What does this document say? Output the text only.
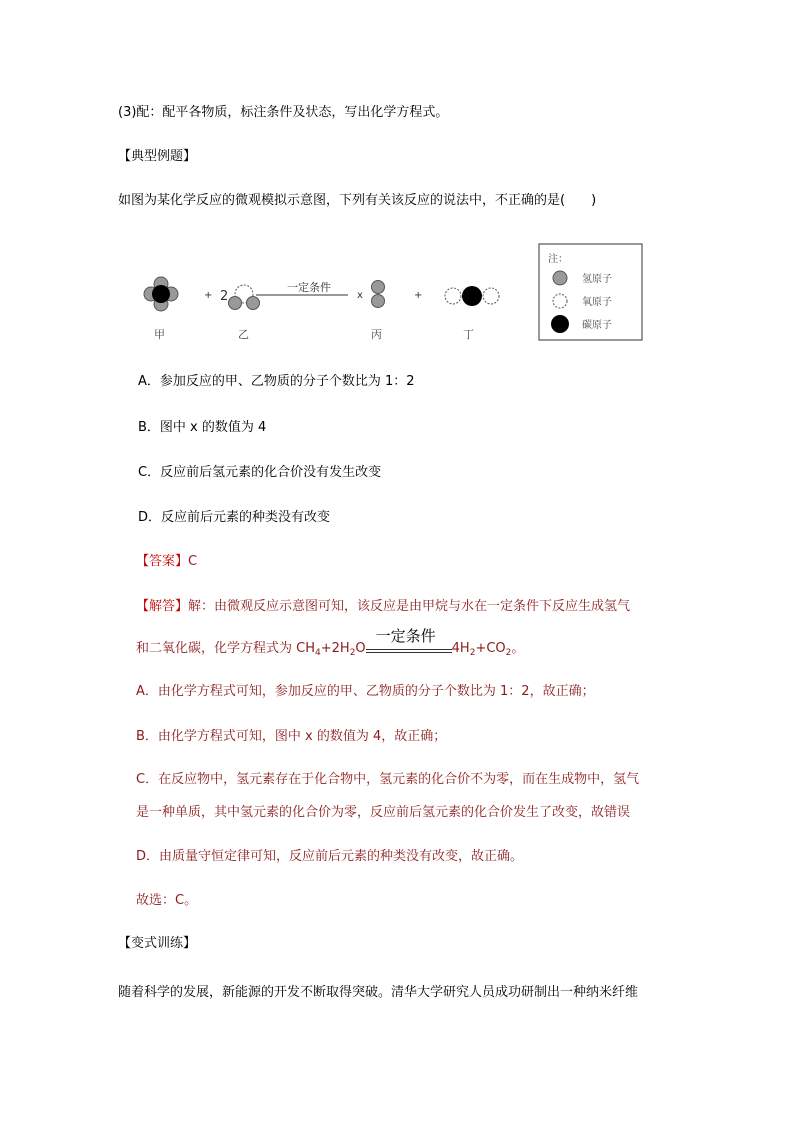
(3)配：配平各物质，标注条件及状态，写出化学方程式。
【典型例题】
如图为某化学反应的微观模拟示意图，下列有关该反应的说法中，不正确的是(　　)
+ 2
一定条件
x	+
甲	乙	丙	丁
注：
氢原子
氧原子
碳原子
A．参加反应的甲、乙物质的分子个数比为 1：2
B．图中 x 的数值为 4
C．反应前后氢元素的化合价没有发生改变
D．反应前后元素的种类没有改变
【答案】C
【解答】解：由微观反应示意图可知，该反应是由甲烷与水在一定条件下反应生成氢气
和二氧化碳，化学方程式为 $CH_4+2H_2O$
一定条件
$4H_2+CO_2$。
A．由化学方程式可知，参加反应的甲、乙物质的分子个数比为 1：2，故正确；
B．由化学方程式可知，图中 x 的数值为 4，故正确；
C．在反应物中，氢元素存在于化合物中，氢元素的化合价不为零，而在生成物中，氢气
是一种单质，其中氢元素的化合价为零，反应前后氢元素的化合价发生了改变，故错误
D．由质量守恒定律可知，反应前后元素的种类没有改变，故正确。
故选：C。
【变式训练】
随着科学的发展，新能源的开发不断取得突破。清华大学研究人员成功研制出一种纳米纤维
